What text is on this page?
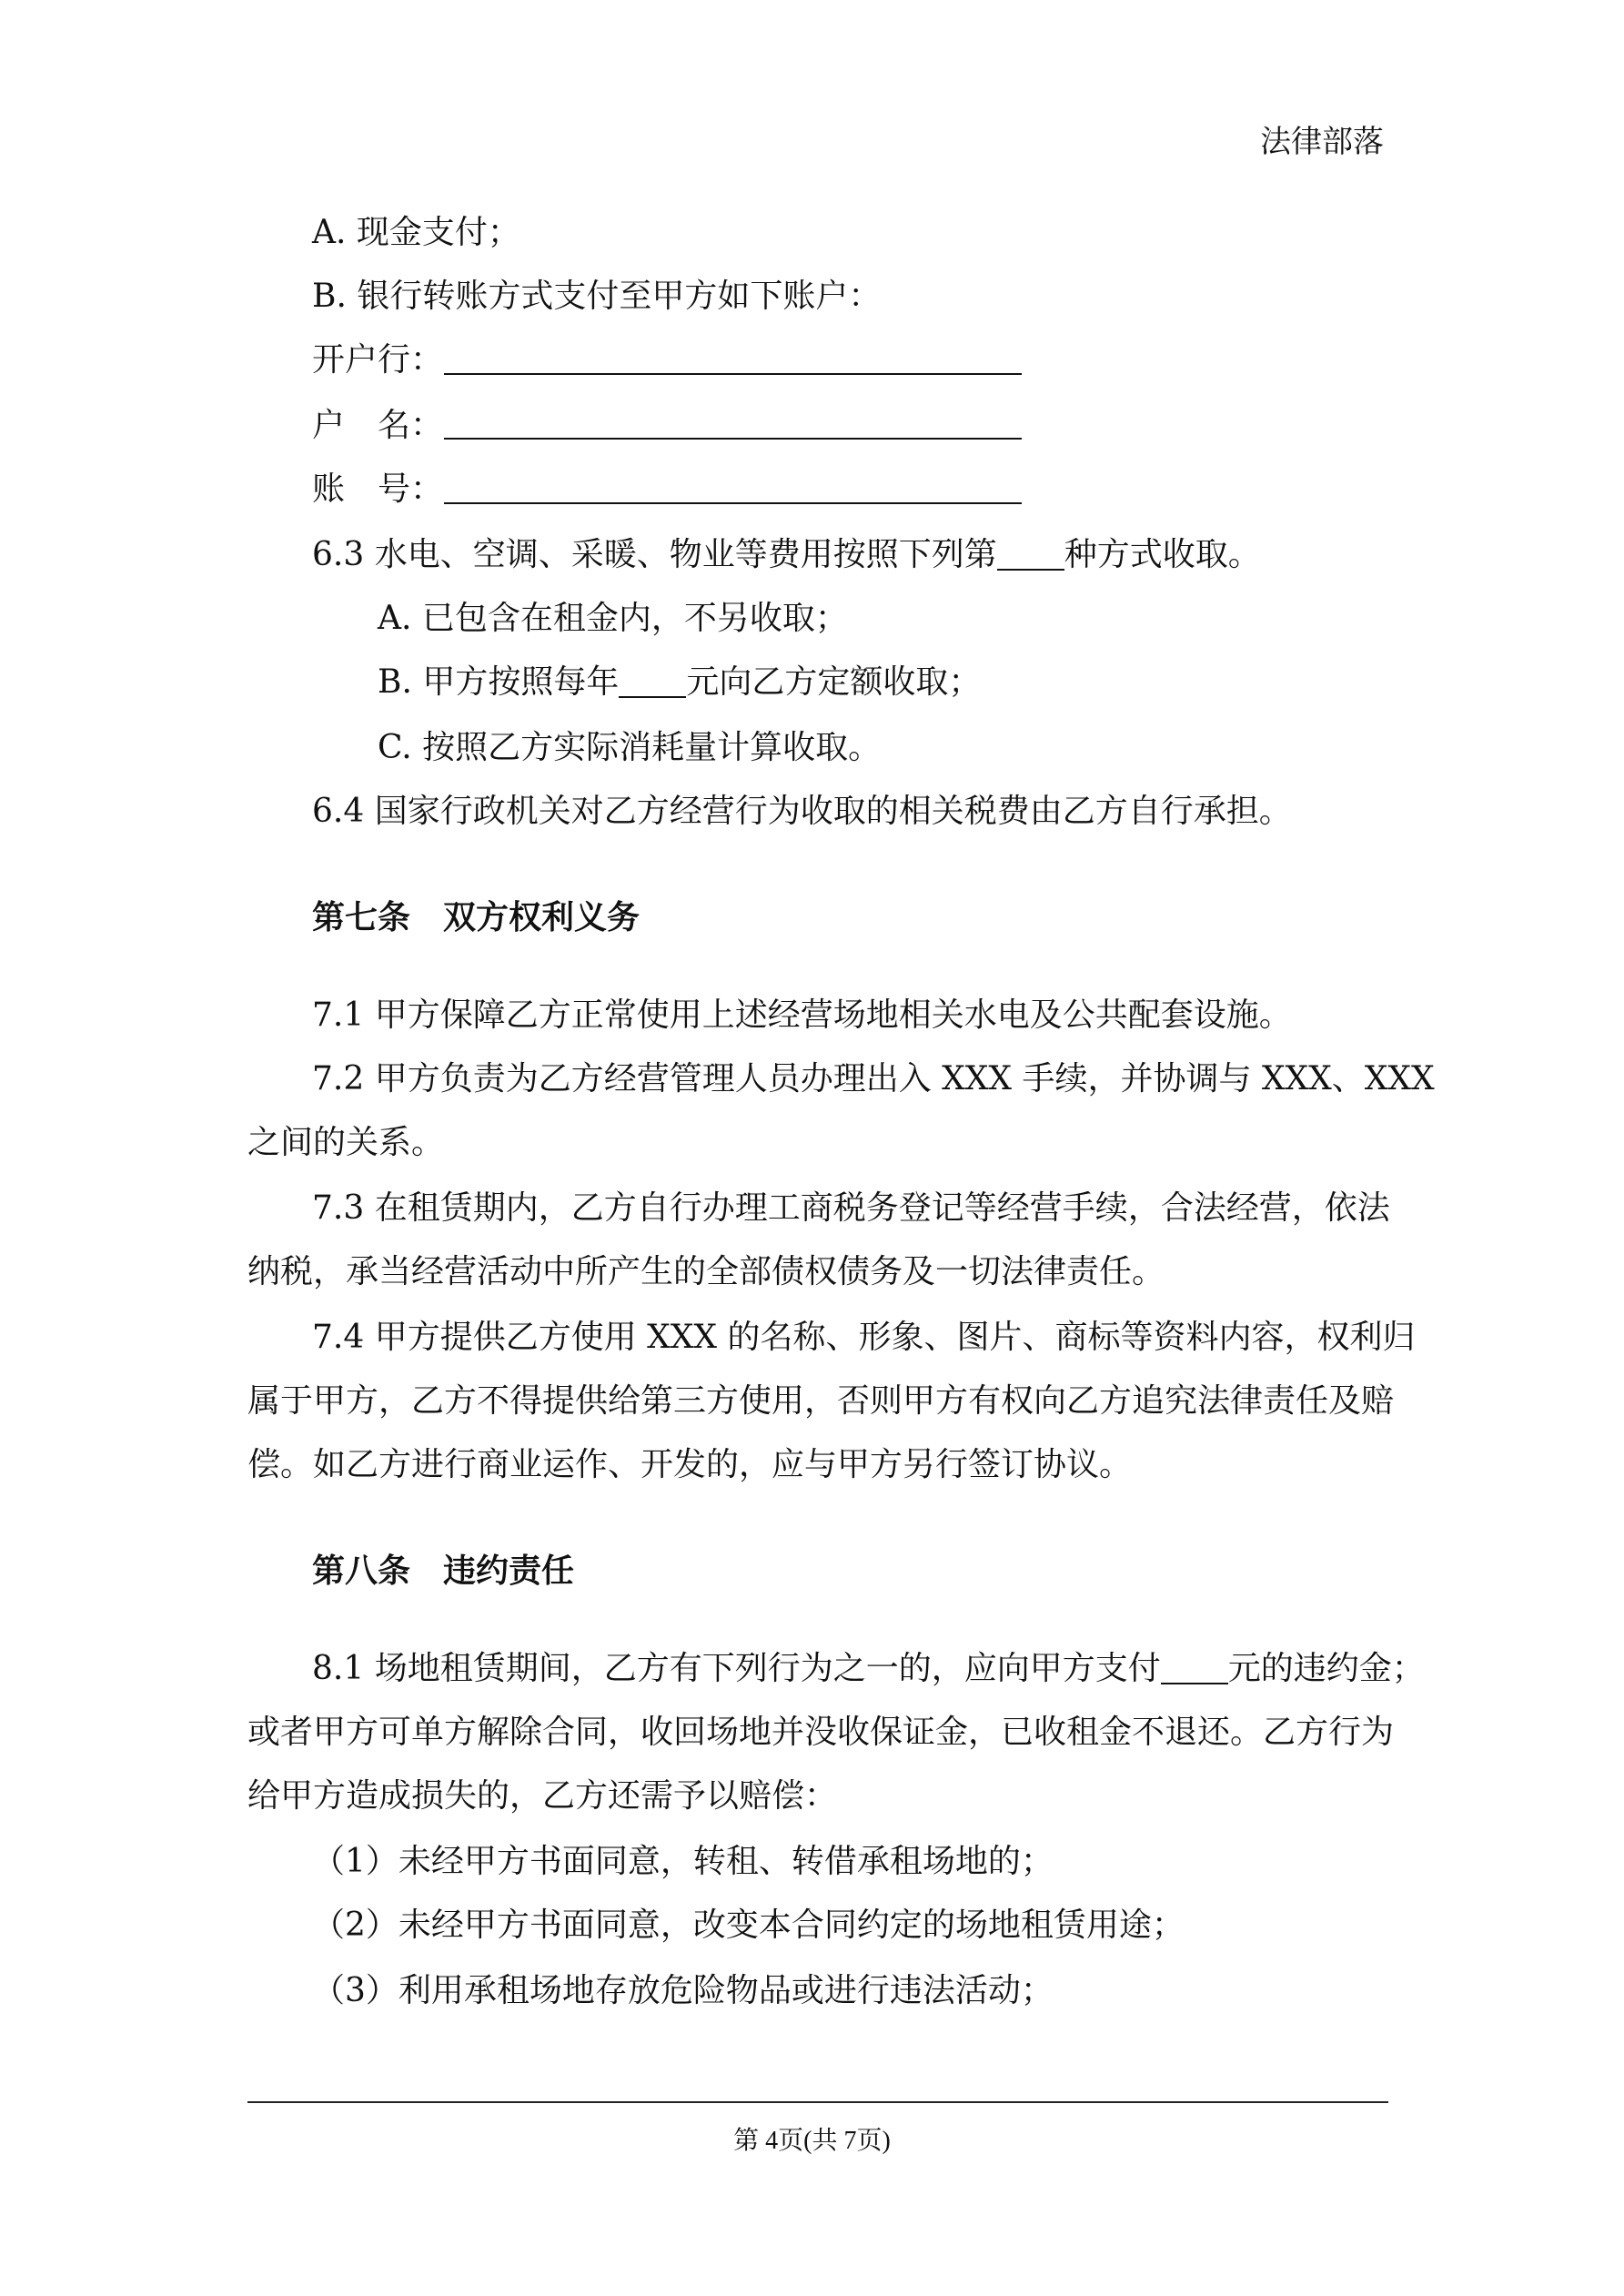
法律部落
A. 现金支付；
B. 银行转账方式支付至甲方如下账户：
开户行：
户　名：
账　号：
6.3 水电、空调、采暖、物业等费用按照下列第 种方式收取。
A. 已包含在租金内，不另收取；
B. 甲方按照每年 元向乙方定额收取；
C. 按照乙方实际消耗量计算收取。
6.4 国家行政机关对乙方经营行为收取的相关税费由乙方自行承担。
第七条　双方权利义务
7.1 甲方保障乙方正常使用上述经营场地相关水电及公共配套设施。
7.2 甲方负责为乙方经营管理人员办理出入 XXX 手续，并协调与 XXX、XXX
之间的关系。
7.3 在租赁期内，乙方自行办理工商税务登记等经营手续，合法经营，依法
纳税，承当经营活动中所产生的全部债权债务及一切法律责任。
7.4 甲方提供乙方使用 XXX 的名称、形象、图片、商标等资料内容，权利归
属于甲方，乙方不得提供给第三方使用，否则甲方有权向乙方追究法律责任及赔
偿。如乙方进行商业运作、开发的，应与甲方另行签订协议。
第八条　违约责任
8.1 场地租赁期间，乙方有下列行为之一的，应向甲方支付 元的违约金；
或者甲方可单方解除合同，收回场地并没收保证金，已收租金不退还。乙方行为
给甲方造成损失的，乙方还需予以赔偿：
（1）未经甲方书面同意，转租、转借承租场地的；
（2）未经甲方书面同意，改变本合同约定的场地租赁用途；
（3）利用承租场地存放危险物品或进行违法活动；
第 4页(共 7页)
